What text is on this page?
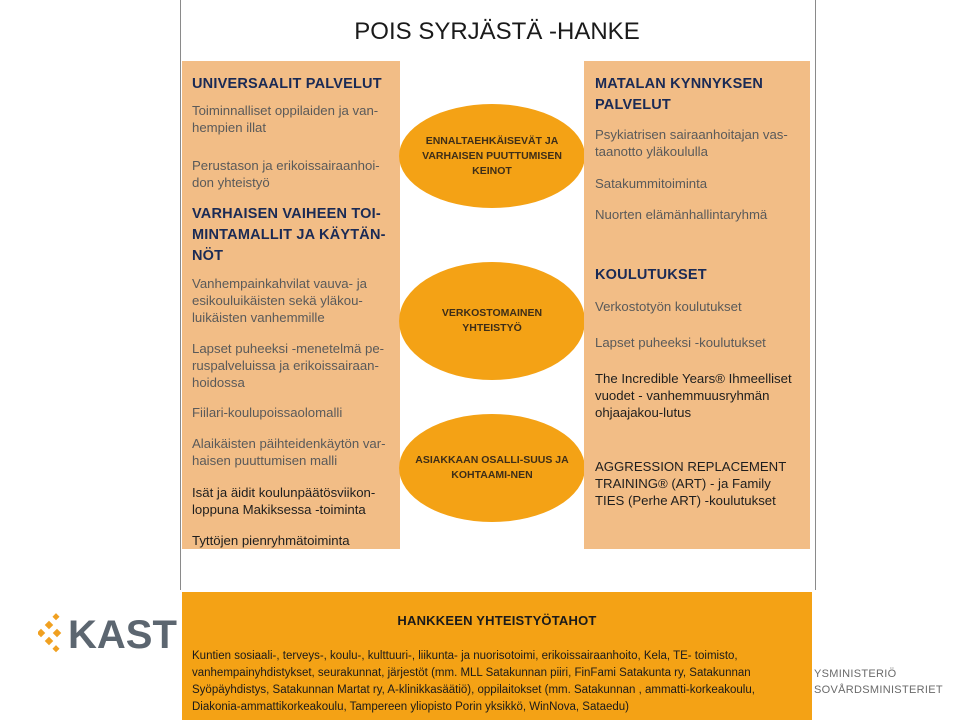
KAST
YSMINISTERIÖ
SOVÅRDSMINISTERIET
POIS SYRJÄSTÄ -HANKE

UNIVERSAALIT PALVELUT

Toiminnalliset oppilaiden ja van-hempien illat

Perustason ja erikoissairaanhoi-don yhteistyö

VARHAISEN VAIHEEN TOI-MINTAMALLIT JA KÄYTÄN-NÖT

Vanhempainkahvilat vauva- ja esikouluikäisten sekä yläkou-luikäisten vanhemmille

Lapset puheeksi -menetelmä pe-ruspalveluissa ja erikoissairaan-hoidossa

Fiilari-koulupoissaolomalli

Alaikäisten päihteidenkäytön var-haisen puuttumisen malli

Isät ja äidit koulunpäätösviikon-loppuna Makiksessa -toiminta

Tyttöjen pienryhmätoiminta

ENNALTAEHKÄISEVÄT JA VARHAISEN PUUTTUMISEN KEINOT
VERKOSTOMAINEN YHTEISTYÖ
ASIAKKAAN OSALLI-SUUS JA KOHTAAMI-NEN

MATALAN KYNNYKSEN PALVELUT

Psykiatrisen sairaanhoitajan vas-taanotto yläkoululla

Satakummitoiminta

Nuorten elämänhallintaryhmä

KOULUTUKSET

Verkostotyön koulutukset

Lapset puheeksi -koulutukset

The Incredible Years® Ihmeelliset vuodet - vanhemmuusryhmän ohjaajakou-lutus

AGGRESSION REPLACEMENT TRAINING® (ART) - ja Family TIES (Perhe ART) -koulutukset

HANKKEEN YHTEISTYÖTAHOT

Kuntien sosiaali-, terveys-, koulu-, kulttuuri-, liikunta- ja nuorisotoimi, erikoissairaanhoito, Kela, TE- toimisto, vanhempainyhdistykset, seurakunnat, järjestöt (mm. MLL Satakunnan piiri, FinFami Satakunta ry, Satakunnan Syöpäyhdistys, Satakunnan Martat ry, A-klinikkasäätiö), oppilaitokset (mm. Satakunnan , ammatti-korkeakoulu, Diakonia-ammattikorkeakoulu, Tampereen yliopisto Porin yksikkö, WinNova, Sataedu)
